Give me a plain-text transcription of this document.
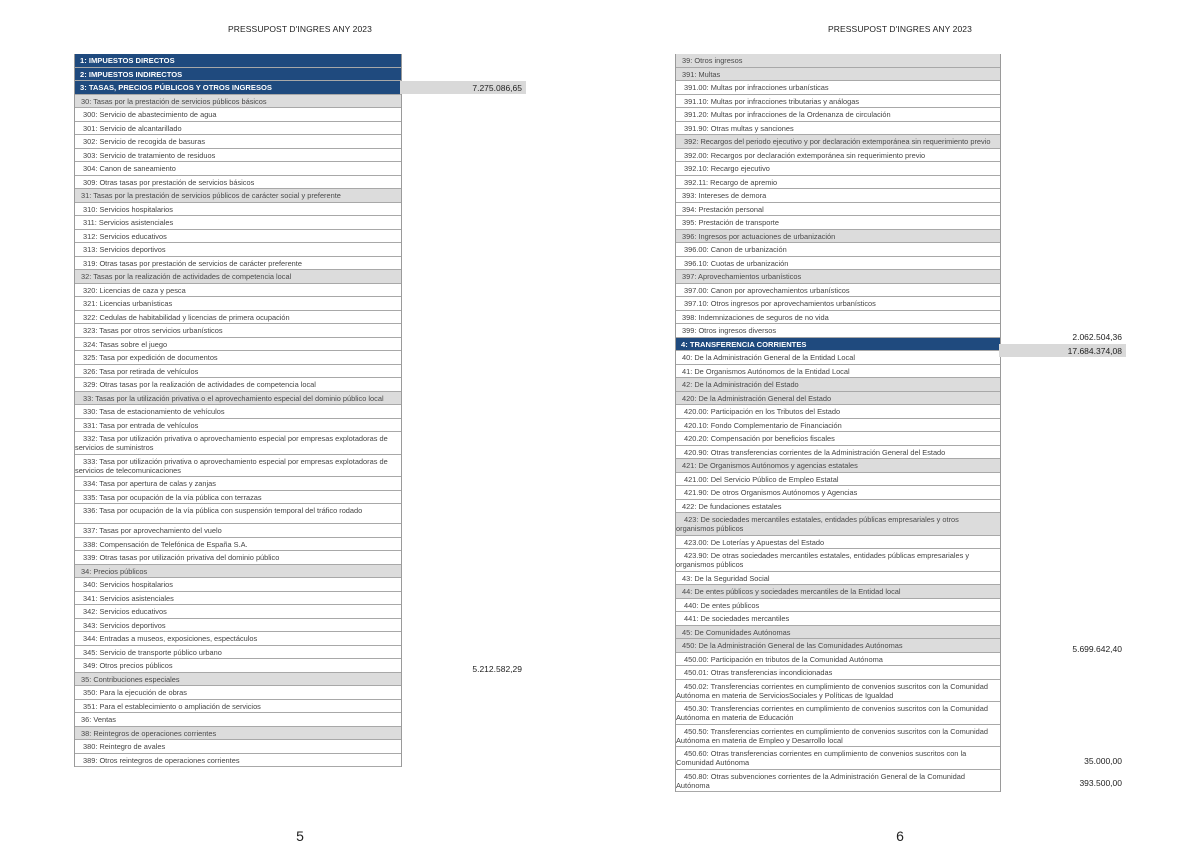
PRESSUPOST D'INGRES ANY 2023
1: IMPUESTOS DIRECTOS
2: IMPUESTOS INDIRECTOS
3: TASAS, PRECIOS PÚBLICOS Y OTROS INGRESOS
30: Tasas por la prestación de servicios públicos básicos
300: Servicio de abastecimiento de agua
301: Servicio de alcantarillado
302: Servicio de recogida de basuras
303: Servicio de tratamiento de residuos
304: Canon de saneamiento
309: Otras tasas por prestación de servicios básicos
31: Tasas por la prestación de servicios públicos de carácter social y preferente
310: Servicios hospitalarios
311: Servicios asistenciales
312: Servicios educativos
313: Servicios deportivos
319: Otras tasas por prestación de servicios de carácter preferente
32: Tasas por la realización de actividades de competencia local
320: Licencias de caza y pesca
321: Licencias urbanísticas
322: Cedulas de habitabilidad y licencias de primera ocupación
323: Tasas por otros servicios urbanísticos
324: Tasas sobre el juego
325: Tasa por expedición de documentos
326: Tasa por retirada de vehículos
329: Otras tasas por la realización de actividades de competencia local
33: Tasas por la utilización privativa o el aprovechamiento especial del dominio público local
330: Tasa de estacionamiento de vehículos
331: Tasa por entrada de vehículos
332: Tasa por utilización privativa o aprovechamiento especial por empresas explotadoras de servicios de suministros
333: Tasa por utilización privativa o aprovechamiento especial por empresas explotadoras de servicios de telecomunicaciones
334: Tasa por apertura de calas y zanjas
335: Tasa por ocupación de la vía pública con terrazas
336: Tasa por ocupación de la vía pública con suspensión temporal del tráfico rodado
337: Tasas por aprovechamiento del vuelo
338: Compensación de Telefónica de España S.A.
339: Otras tasas por utilización privativa del dominio público
34: Precios públicos
340: Servicios hospitalarios
341: Servicios asistenciales
342: Servicios educativos
343: Servicios deportivos
344: Entradas a museos, exposiciones, espectáculos
345: Servicio de transporte público urbano
349: Otros precios públicos
35: Contribuciones especiales
350: Para la ejecución de obras
351: Para el establecimiento o ampliación de servicios
36: Ventas
38: Reintegros de operaciones corrientes
380: Reintegro de avales
389: Otros reintegros de operaciones corrientes
7.275.086,65
5.212.582,29
5
PRESSUPOST D'INGRES ANY 2023
39: Otros ingresos
391: Multas
391.00: Multas por infracciones urbanísticas
391.10: Multas por infracciones tributarias y análogas
391.20: Multas por infracciones de la Ordenanza de circulación
391.90: Otras multas y sanciones
392: Recargos del periodo ejecutivo y por declaración extemporánea sin requerimiento previo
392.00: Recargos por declaración extemporánea sin requerimiento previo
392.10: Recargo ejecutivo
392.11: Recargo de apremio
393: Intereses de demora
394: Prestación personal
395: Prestación de transporte
396: Ingresos por actuaciones de urbanización
396.00: Canon de urbanización
396.10: Cuotas de urbanización
397: Aprovechamientos urbanísticos
397.00: Canon por aprovechamientos urbanísticos
397.10: Otros ingresos por aprovechamientos urbanísticos
398: Indemnizaciones de seguros de no vida
399: Otros ingresos diversos
4: TRANSFERENCIA CORRIENTES
40: De la Administración General de la Entidad Local
41: De Organismos Autónomos de la Entidad Local
42: De la Administración del Estado
420: De la Administración General del Estado
420.00: Participación en los Tributos del Estado
420.10: Fondo Complementario de Financiación
420.20: Compensación por beneficios fiscales
420.90: Otras transferencias corrientes de la Administración General del Estado
421: De Organismos Autónomos y agencias estatales
421.00: Del Servicio Público de Empleo Estatal
421.90: De otros Organismos Autónomos y Agencias
422: De fundaciones estatales
423: De sociedades mercantiles estatales, entidades públicas empresariales y otros organismos públicos
423.00: De Loterías y Apuestas del Estado
423.90: De otras sociedades mercantiles estatales, entidades públicas empresariales y organismos públicos
43: De la Seguridad Social
44: De entes públicos y sociedades mercantiles de la Entidad local
440: De entes públicos
441: De sociedades mercantiles
45: De Comunidades Autónomas
450: De la Administración General de las Comunidades Autónomas
450.00: Participación en tributos de la Comunidad Autónoma
450.01: Otras transferencias incondicionadas
450.02: Transferencias corrientes en cumplimiento de convenios suscritos con la Comunidad Autónoma en materia de ServiciosSociales y Políticas de Igualdad
450.30: Transferencias corrientes en cumplimiento de convenios suscritos con la Comunidad Autónoma en materia de Educación
450.50: Transferencias corrientes en cumplimiento de convenios suscritos con la Comunidad Autónoma en materia de Empleo y Desarrollo local
450.60: Otras transferencias corrientes en cumplimiento de convenios suscritos con la Comunidad Autónoma
450.80: Otras subvenciones corrientes de la Administración General de la Comunidad Autónoma
2.062.504,36
17.684.374,08
5.699.642,40
35.000,00
393.500,00
6
